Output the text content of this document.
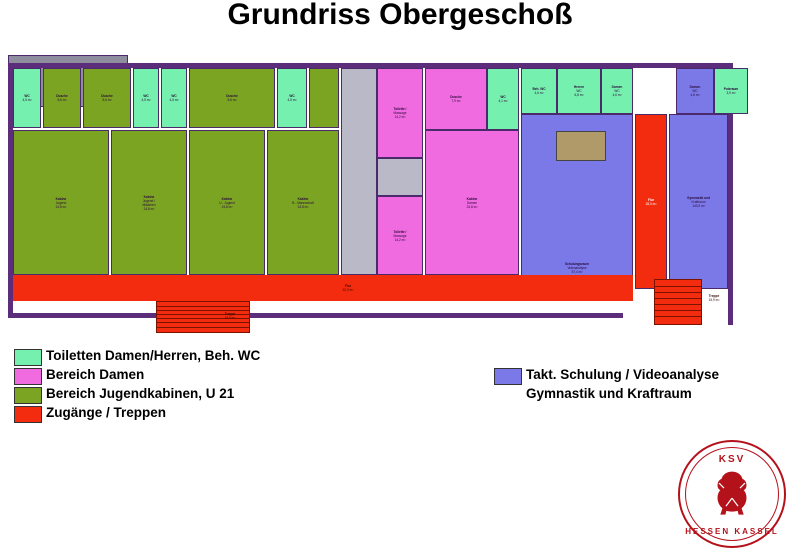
Grundriss Obergeschoß
Kabine
Jugend
24,8 m²
Kabine
Jugend /
Mädchen
24,8 m²
Kabine
U - Jugend
24,8 m²
Kabine
B - Mannschaft
24,8 m²
WC
4,5 m²
Dusche
5,6 m²
Dusche
5,6 m²
WC
4,5 m²
WC
4,5 m²
Dusche
5,6 m²
WC
4,5 m²
Toilette /
Massage
14,2 m²
Toilette /
Massage
14,2 m²
Dusche
7,9 m²
WC
4,1 m²
Kabine
Damen
24,8 m²
Beh. WC
4,6 m²
Herren
WC
6,8 m²
Damen
WC
4,6 m²
Damen
WC
4,6 m²
Putzraum
3,9 m²
Schulungsraum
Videoanalyse
57,4 m²
Flur
28,0 m²
Gymnastik und
Kraftraum
143,9 m²
Flur
52,3 m²
Treppe
15,9 m²
Treppe
15,9 m²
Toiletten Damen/Herren, Beh. WC
Bereich Damen
Bereich Jugendkabinen, U 21
Zugänge / Treppen
Takt. Schulung / Videoanalyse
Gymnastik und Kraftraum
KSV
HESSEN KASSEL
